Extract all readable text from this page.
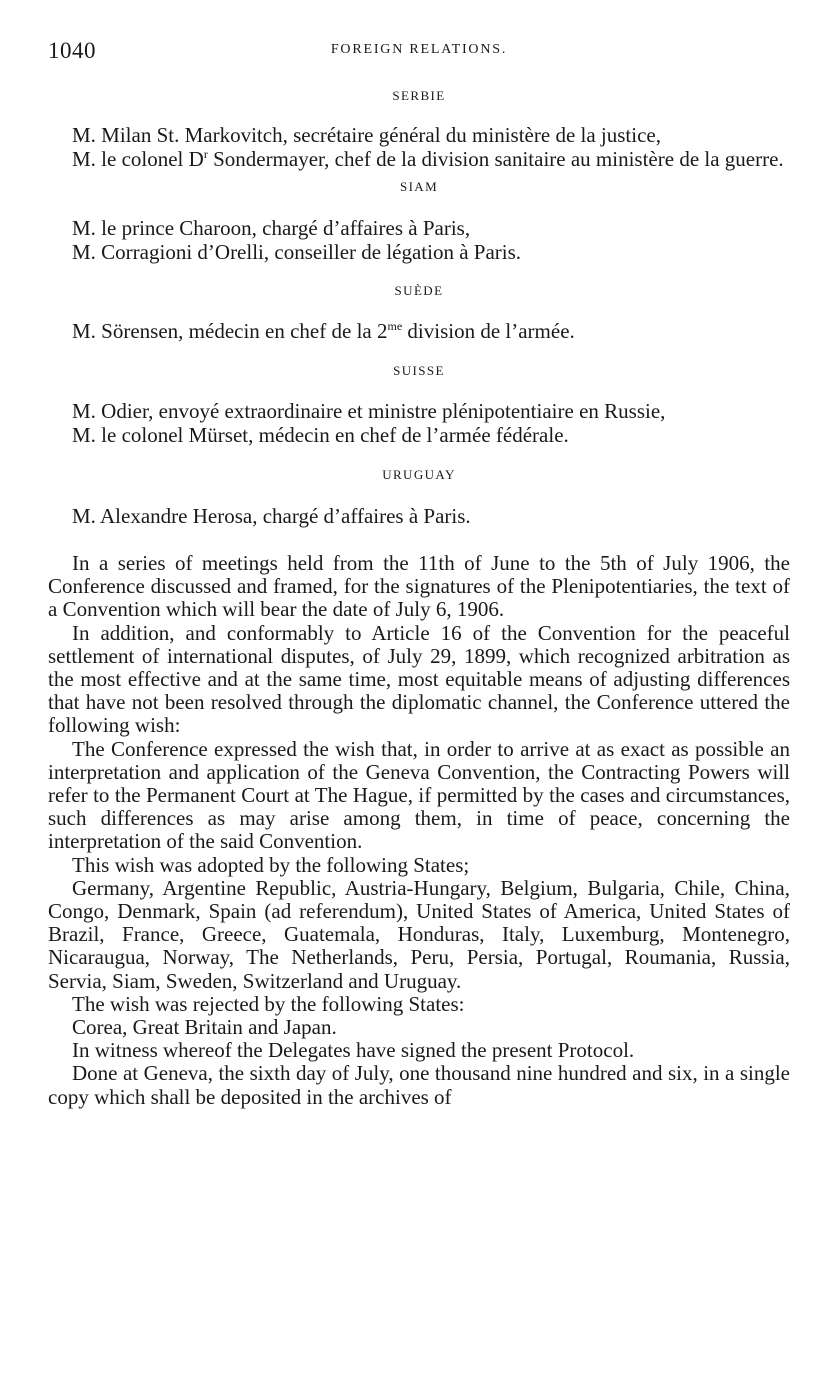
1040	FOREIGN RELATIONS.

SERBIE

M. Milan St. Markovitch, secrétaire général du ministère de la justice,

M. le colonel $D^r$ Sondermayer, chef de la division sanitaire au ministère de la guerre.

SIAM

M. le prince Charoon, chargé d’affaires à Paris,

M. Corragioni d’Orelli, conseiller de légation à Paris.

SUÈDE

M. Sörensen, médecin en chef de la $2^{me}$ division de l’armée.

SUISSE

M. Odier, envoyé extraordinaire et ministre plénipotentiaire en Russie,

M. le colonel Mürset, médecin en chef de l’armée fédérale.

URUGUAY

M. Alexandre Herosa, chargé d’affaires à Paris.

In a series of meetings held from the 11th of June to the 5th of July 1906, the Conference discussed and framed, for the signatures of the Plenipotentiaries, the text of a Convention which will bear the date of July 6, 1906.

In addition, and conformably to Article 16 of the Convention for the peaceful settlement of international disputes, of July 29, 1899, which recognized arbitration as the most effective and at the same time, most equitable means of adjusting differences that have not been resolved through the diplomatic channel, the Conference uttered the following wish:

The Conference expressed the wish that, in order to arrive at as exact as possible an interpretation and application of the Geneva Convention, the Contracting Powers will refer to the Permanent Court at The Hague, if permitted by the cases and circumstances, such differences as may arise among them, in time of peace, concerning the interpretation of the said Convention.

This wish was adopted by the following States;

Germany, Argentine Republic, Austria-Hungary, Belgium, Bulgaria, Chile, China, Congo, Denmark, Spain (ad referendum), United States of America, United States of Brazil, France, Greece, Guatemala, Honduras, Italy, Luxemburg, Montenegro, Nicaraugua, Norway, The Netherlands, Peru, Persia, Portugal, Roumania, Russia, Servia, Siam, Sweden, Switzerland and Uruguay.

The wish was rejected by the following States:

Corea, Great Britain and Japan.

In witness whereof the Delegates have signed the present Protocol.

Done at Geneva, the sixth day of July, one thousand nine hundred and six, in a single copy which shall be deposited in the archives of
